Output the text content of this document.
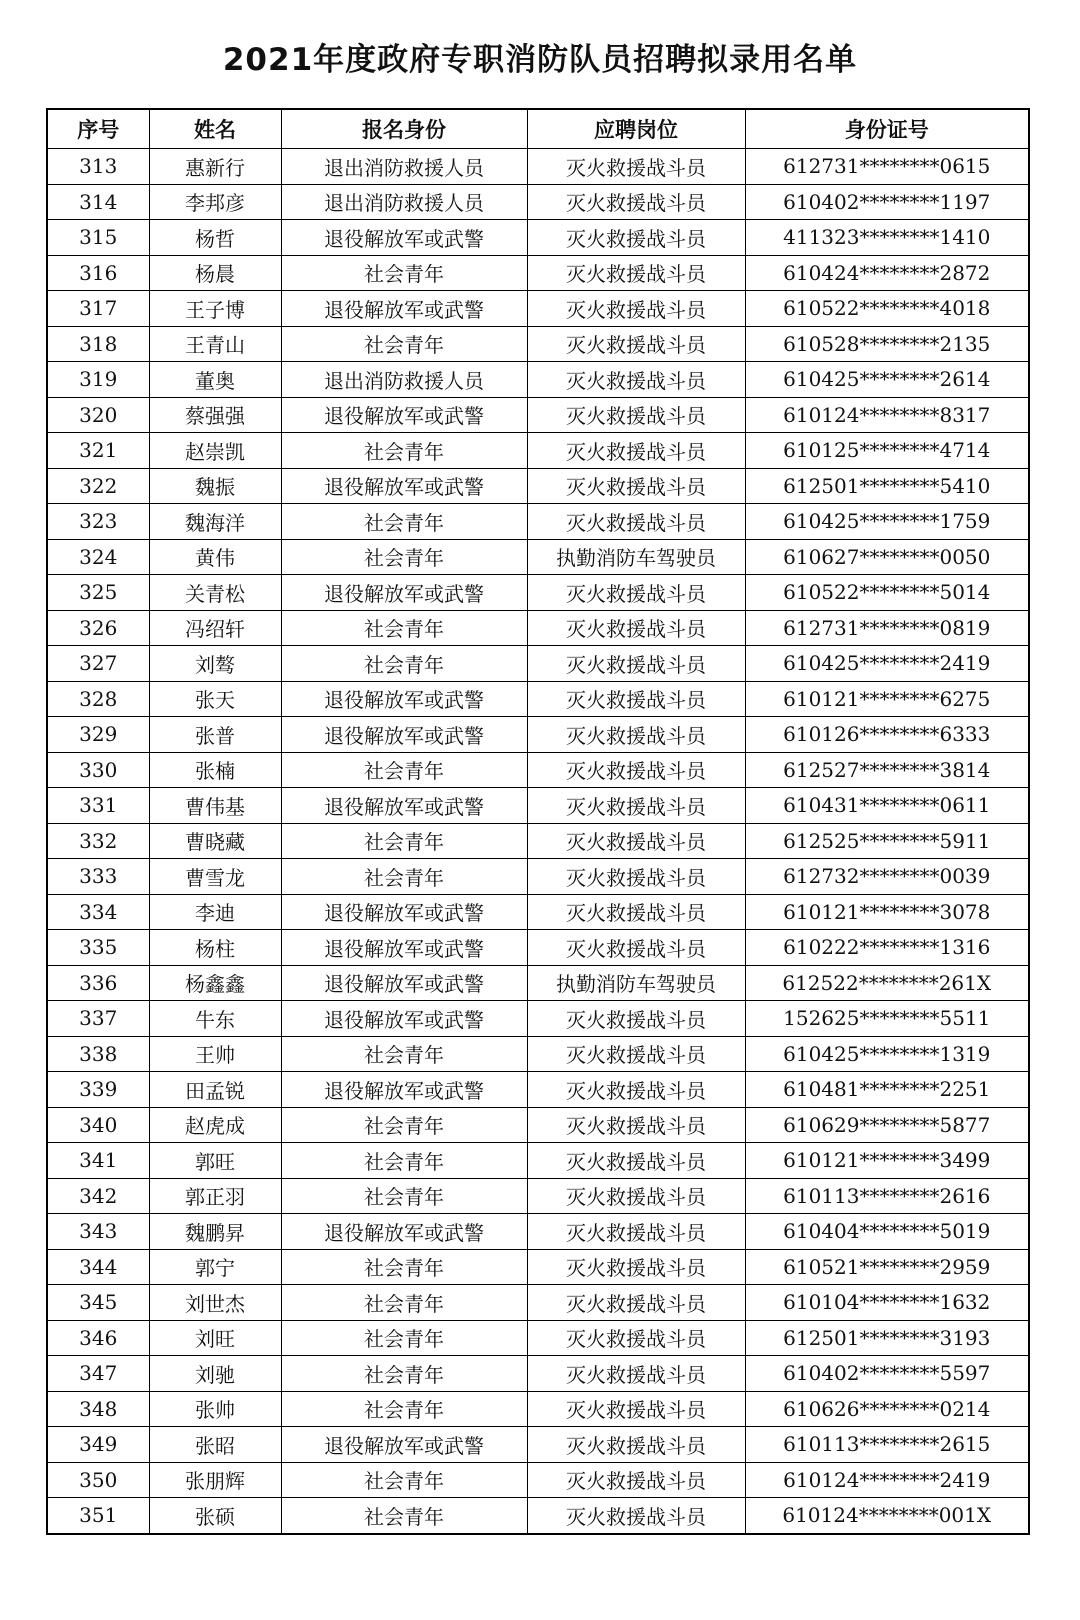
2021年度政府专职消防队员招聘拟录用名单
序号	姓名	报名身份	应聘岗位	身份证号
313	惠新行	退出消防救援人员	灭火救援战斗员	612731********0615
314	李邦彦	退出消防救援人员	灭火救援战斗员	610402********1197
315	杨哲	退役解放军或武警	灭火救援战斗员	411323********1410
316	杨晨	社会青年	灭火救援战斗员	610424********2872
317	王子博	退役解放军或武警	灭火救援战斗员	610522********4018
318	王青山	社会青年	灭火救援战斗员	610528********2135
319	董奥	退出消防救援人员	灭火救援战斗员	610425********2614
320	蔡强强	退役解放军或武警	灭火救援战斗员	610124********8317
321	赵崇凯	社会青年	灭火救援战斗员	610125********4714
322	魏振	退役解放军或武警	灭火救援战斗员	612501********5410
323	魏海洋	社会青年	灭火救援战斗员	610425********1759
324	黄伟	社会青年	执勤消防车驾驶员	610627********0050
325	关青松	退役解放军或武警	灭火救援战斗员	610522********5014
326	冯绍轩	社会青年	灭火救援战斗员	612731********0819
327	刘骜	社会青年	灭火救援战斗员	610425********2419
328	张天	退役解放军或武警	灭火救援战斗员	610121********6275
329	张普	退役解放军或武警	灭火救援战斗员	610126********6333
330	张楠	社会青年	灭火救援战斗员	612527********3814
331	曹伟基	退役解放军或武警	灭火救援战斗员	610431********0611
332	曹晓藏	社会青年	灭火救援战斗员	612525********5911
333	曹雪龙	社会青年	灭火救援战斗员	612732********0039
334	李迪	退役解放军或武警	灭火救援战斗员	610121********3078
335	杨柱	退役解放军或武警	灭火救援战斗员	610222********1316
336	杨鑫鑫	退役解放军或武警	执勤消防车驾驶员	612522********261X
337	牛东	退役解放军或武警	灭火救援战斗员	152625********5511
338	王帅	社会青年	灭火救援战斗员	610425********1319
339	田孟锐	退役解放军或武警	灭火救援战斗员	610481********2251
340	赵虎成	社会青年	灭火救援战斗员	610629********5877
341	郭旺	社会青年	灭火救援战斗员	610121********3499
342	郭正羽	社会青年	灭火救援战斗员	610113********2616
343	魏鹏昇	退役解放军或武警	灭火救援战斗员	610404********5019
344	郭宁	社会青年	灭火救援战斗员	610521********2959
345	刘世杰	社会青年	灭火救援战斗员	610104********1632
346	刘旺	社会青年	灭火救援战斗员	612501********3193
347	刘驰	社会青年	灭火救援战斗员	610402********5597
348	张帅	社会青年	灭火救援战斗员	610626********0214
349	张昭	退役解放军或武警	灭火救援战斗员	610113********2615
350	张朋辉	社会青年	灭火救援战斗员	610124********2419
351	张硕	社会青年	灭火救援战斗员	610124********001X
